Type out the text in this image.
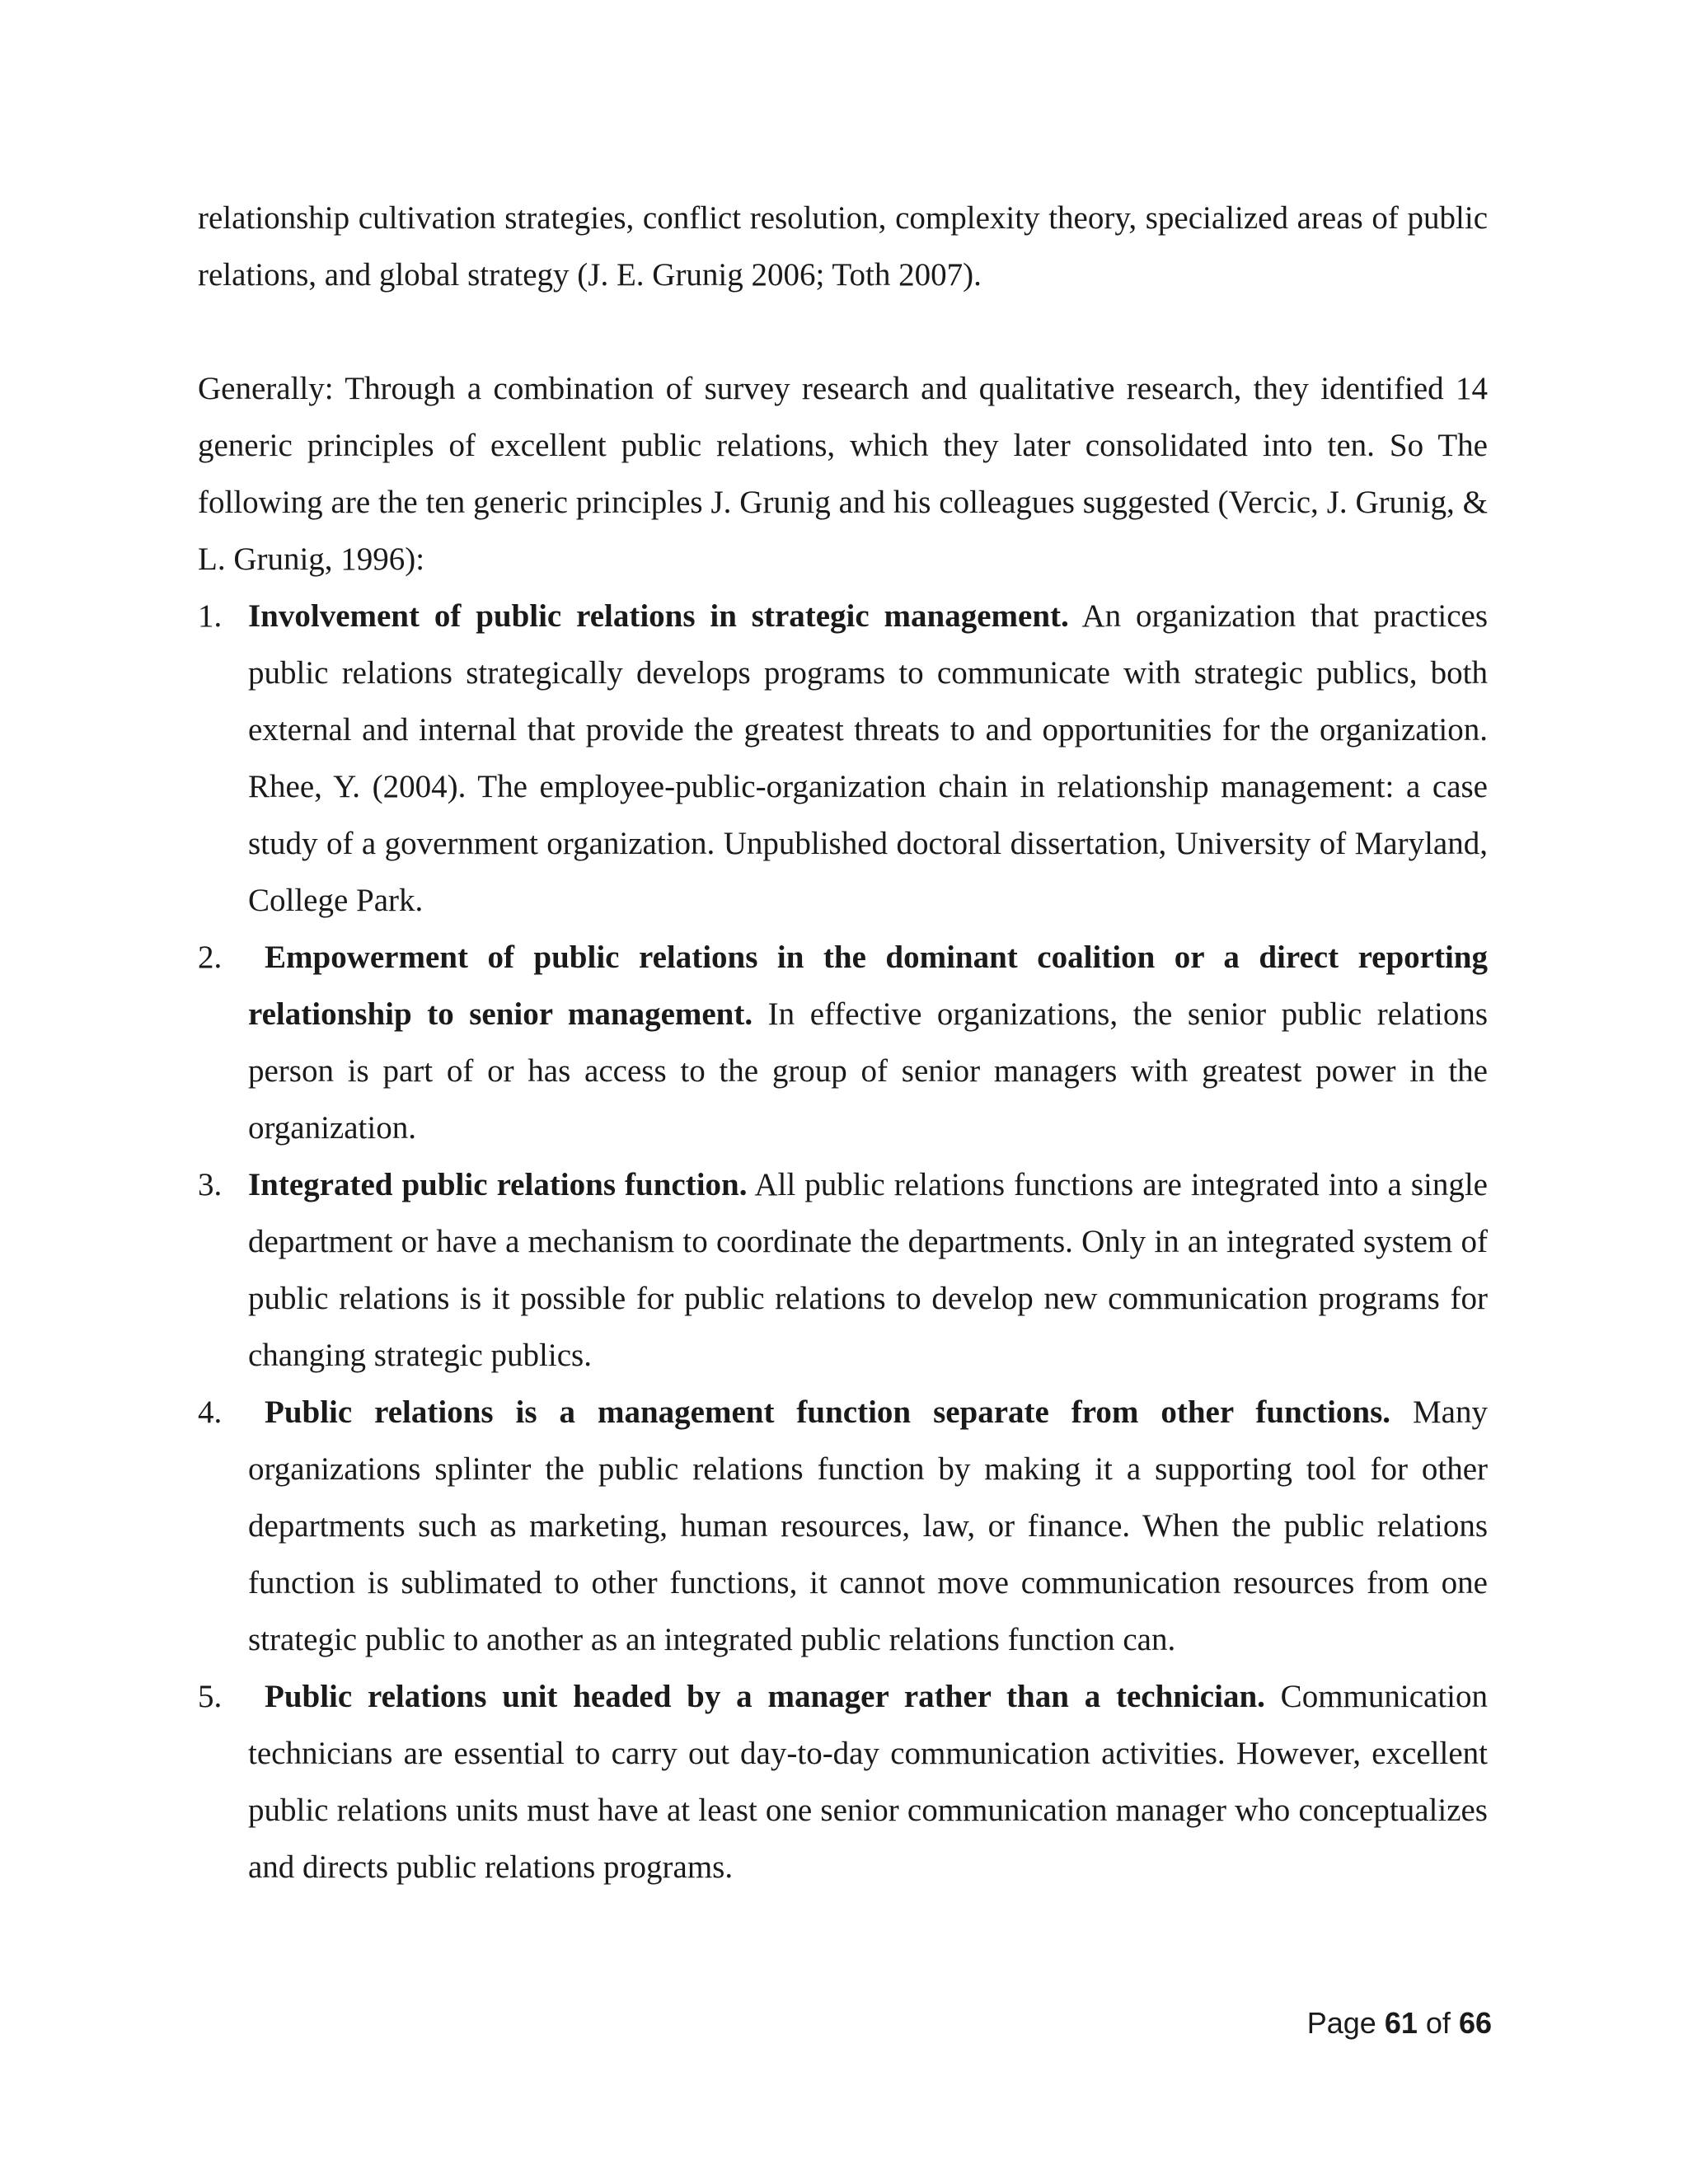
relationship cultivation strategies, conflict resolution, complexity theory, specialized areas of public relations, and global strategy (J. E. Grunig 2006; Toth 2007).

Generally: Through a combination of survey research and qualitative research, they identified 14 generic principles of excellent public relations, which they later consolidated into ten. So The following are the ten generic principles J. Grunig and his colleagues suggested (Vercic, J. Grunig, & L. Grunig, 1996):

1. Involvement of public relations in strategic management. An organization that practices public relations strategically develops programs to communicate with strategic publics, both external and internal that provide the greatest threats to and opportunities for the organization. Rhee, Y. (2004). The employee-public-organization chain in relationship management: a case study of a government organization. Unpublished doctoral dissertation, University of Maryland, College Park.
2. Empowerment of public relations in the dominant coalition or a direct reporting relationship to senior management. In effective organizations, the senior public relations person is part of or has access to the group of senior managers with greatest power in the organization.
3. Integrated public relations function. All public relations functions are integrated into a single department or have a mechanism to coordinate the departments. Only in an integrated system of public relations is it possible for public relations to develop new communication programs for changing strategic publics.
4. Public relations is a management function separate from other functions. Many organizations splinter the public relations function by making it a supporting tool for other departments such as marketing, human resources, law, or finance. When the public relations function is sublimated to other functions, it cannot move communication resources from one strategic public to another as an integrated public relations function can.
5. Public relations unit headed by a manager rather than a technician. Communication technicians are essential to carry out day-to-day communication activities. However, excellent public relations units must have at least one senior communication manager who conceptualizes and directs public relations programs.
Page 61 of 66
